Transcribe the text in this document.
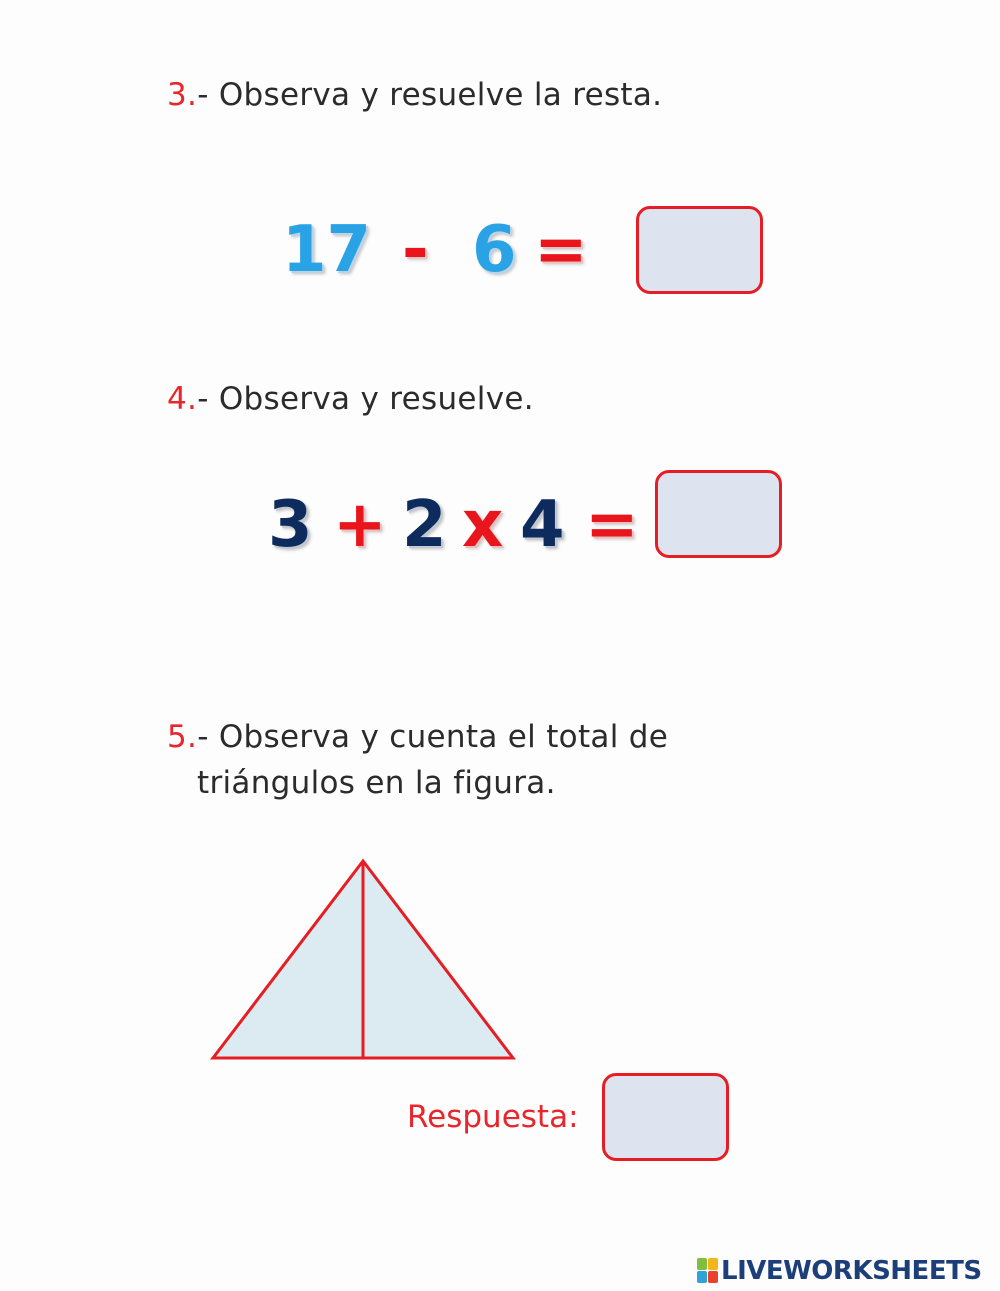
3.- Observa y resuelve la resta.
17 - 6 =
4.- Observa y resuelve.
3 + 2 x 4 =
5.- Observa y cuenta el total de
triángulos en la figura.
Respuesta:
LIVEWORKSHEETS
